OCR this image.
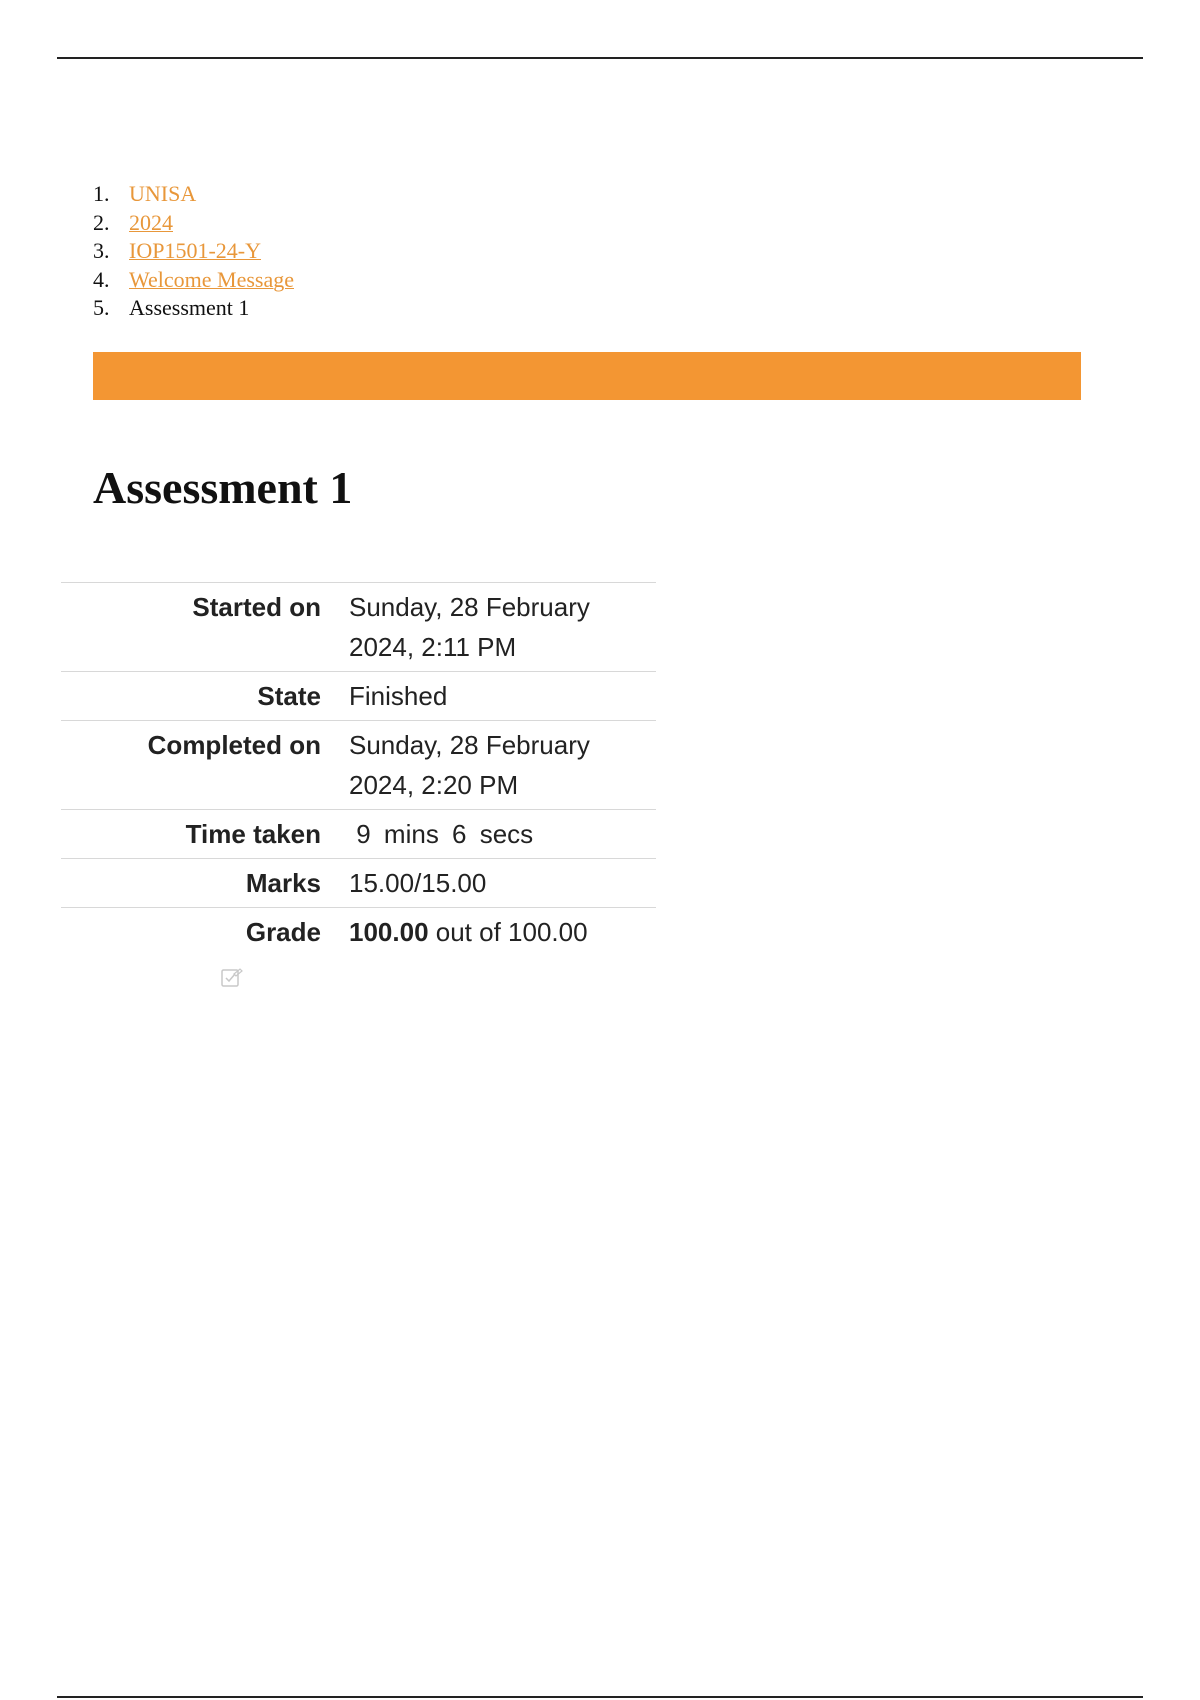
1. UNISA
2. 2024
3. IOP1501-24-Y
4. Welcome Message
5. Assessment 1
Assessment 1
Started on	Sunday, 28 February
2024, 2:11 PM

State	Finished
Completed on	Sunday, 28 February
2024, 2:20 PM

Time taken	9 mins 6 secs
Marks	15.00/15.00
Grade	100.00 out of 100.00
